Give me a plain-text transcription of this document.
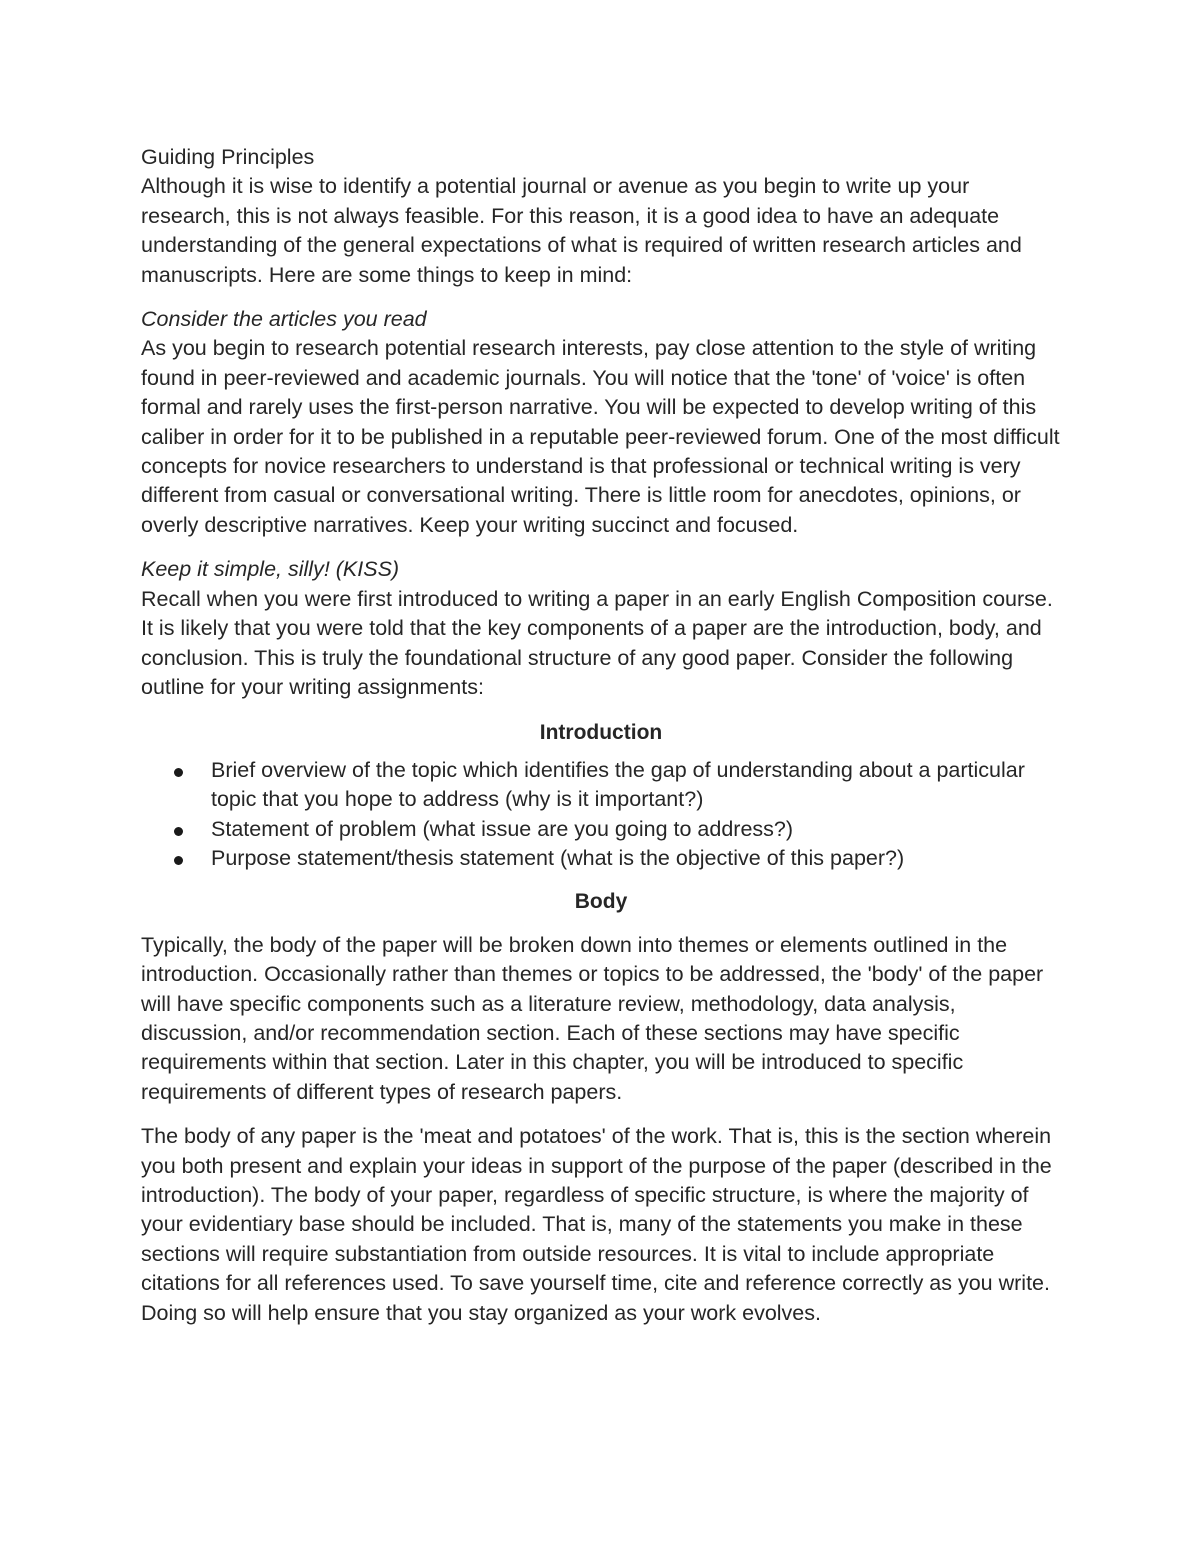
Guiding Principles

Although it is wise to identify a potential journal or avenue as you begin to write up your research, this is not always feasible. For this reason, it is a good idea to have an adequate understanding of the general expectations of what is required of written research articles and manuscripts. Here are some things to keep in mind:

Consider the articles you read

As you begin to research potential research interests, pay close attention to the style of writing found in peer-reviewed and academic journals. You will notice that the 'tone' of 'voice' is often formal and rarely uses the first-person narrative. You will be expected to develop writing of this caliber in order for it to be published in a reputable peer-reviewed forum. One of the most difficult concepts for novice researchers to understand is that professional or technical writing is very different from casual or conversational writing. There is little room for anecdotes, opinions, or overly descriptive narratives. Keep your writing succinct and focused.

Keep it simple, silly! (KISS)

Recall when you were first introduced to writing a paper in an early English Composition course. It is likely that you were told that the key components of a paper are the introduction, body, and conclusion. This is truly the foundational structure of any good paper. Consider the following outline for your writing assignments:

Introduction

Brief overview of the topic which identifies the gap of understanding about a particular topic that you hope to address (why is it important?)
Statement of problem (what issue are you going to address?)
Purpose statement/thesis statement (what is the objective of this paper?)

Body

Typically, the body of the paper will be broken down into themes or elements outlined in the introduction. Occasionally rather than themes or topics to be addressed, the 'body' of the paper will have specific components such as a literature review, methodology, data analysis, discussion, and/or recommendation section. Each of these sections may have specific requirements within that section. Later in this chapter, you will be introduced to specific requirements of different types of research papers.

The body of any paper is the 'meat and potatoes' of the work. That is, this is the section wherein you both present and explain your ideas in support of the purpose of the paper (described in the introduction). The body of your paper, regardless of specific structure, is where the majority of your evidentiary base should be included. That is, many of the statements you make in these sections will require substantiation from outside resources. It is vital to include appropriate citations for all references used. To save yourself time, cite and reference correctly as you write. Doing so will help ensure that you stay organized as your work evolves.
